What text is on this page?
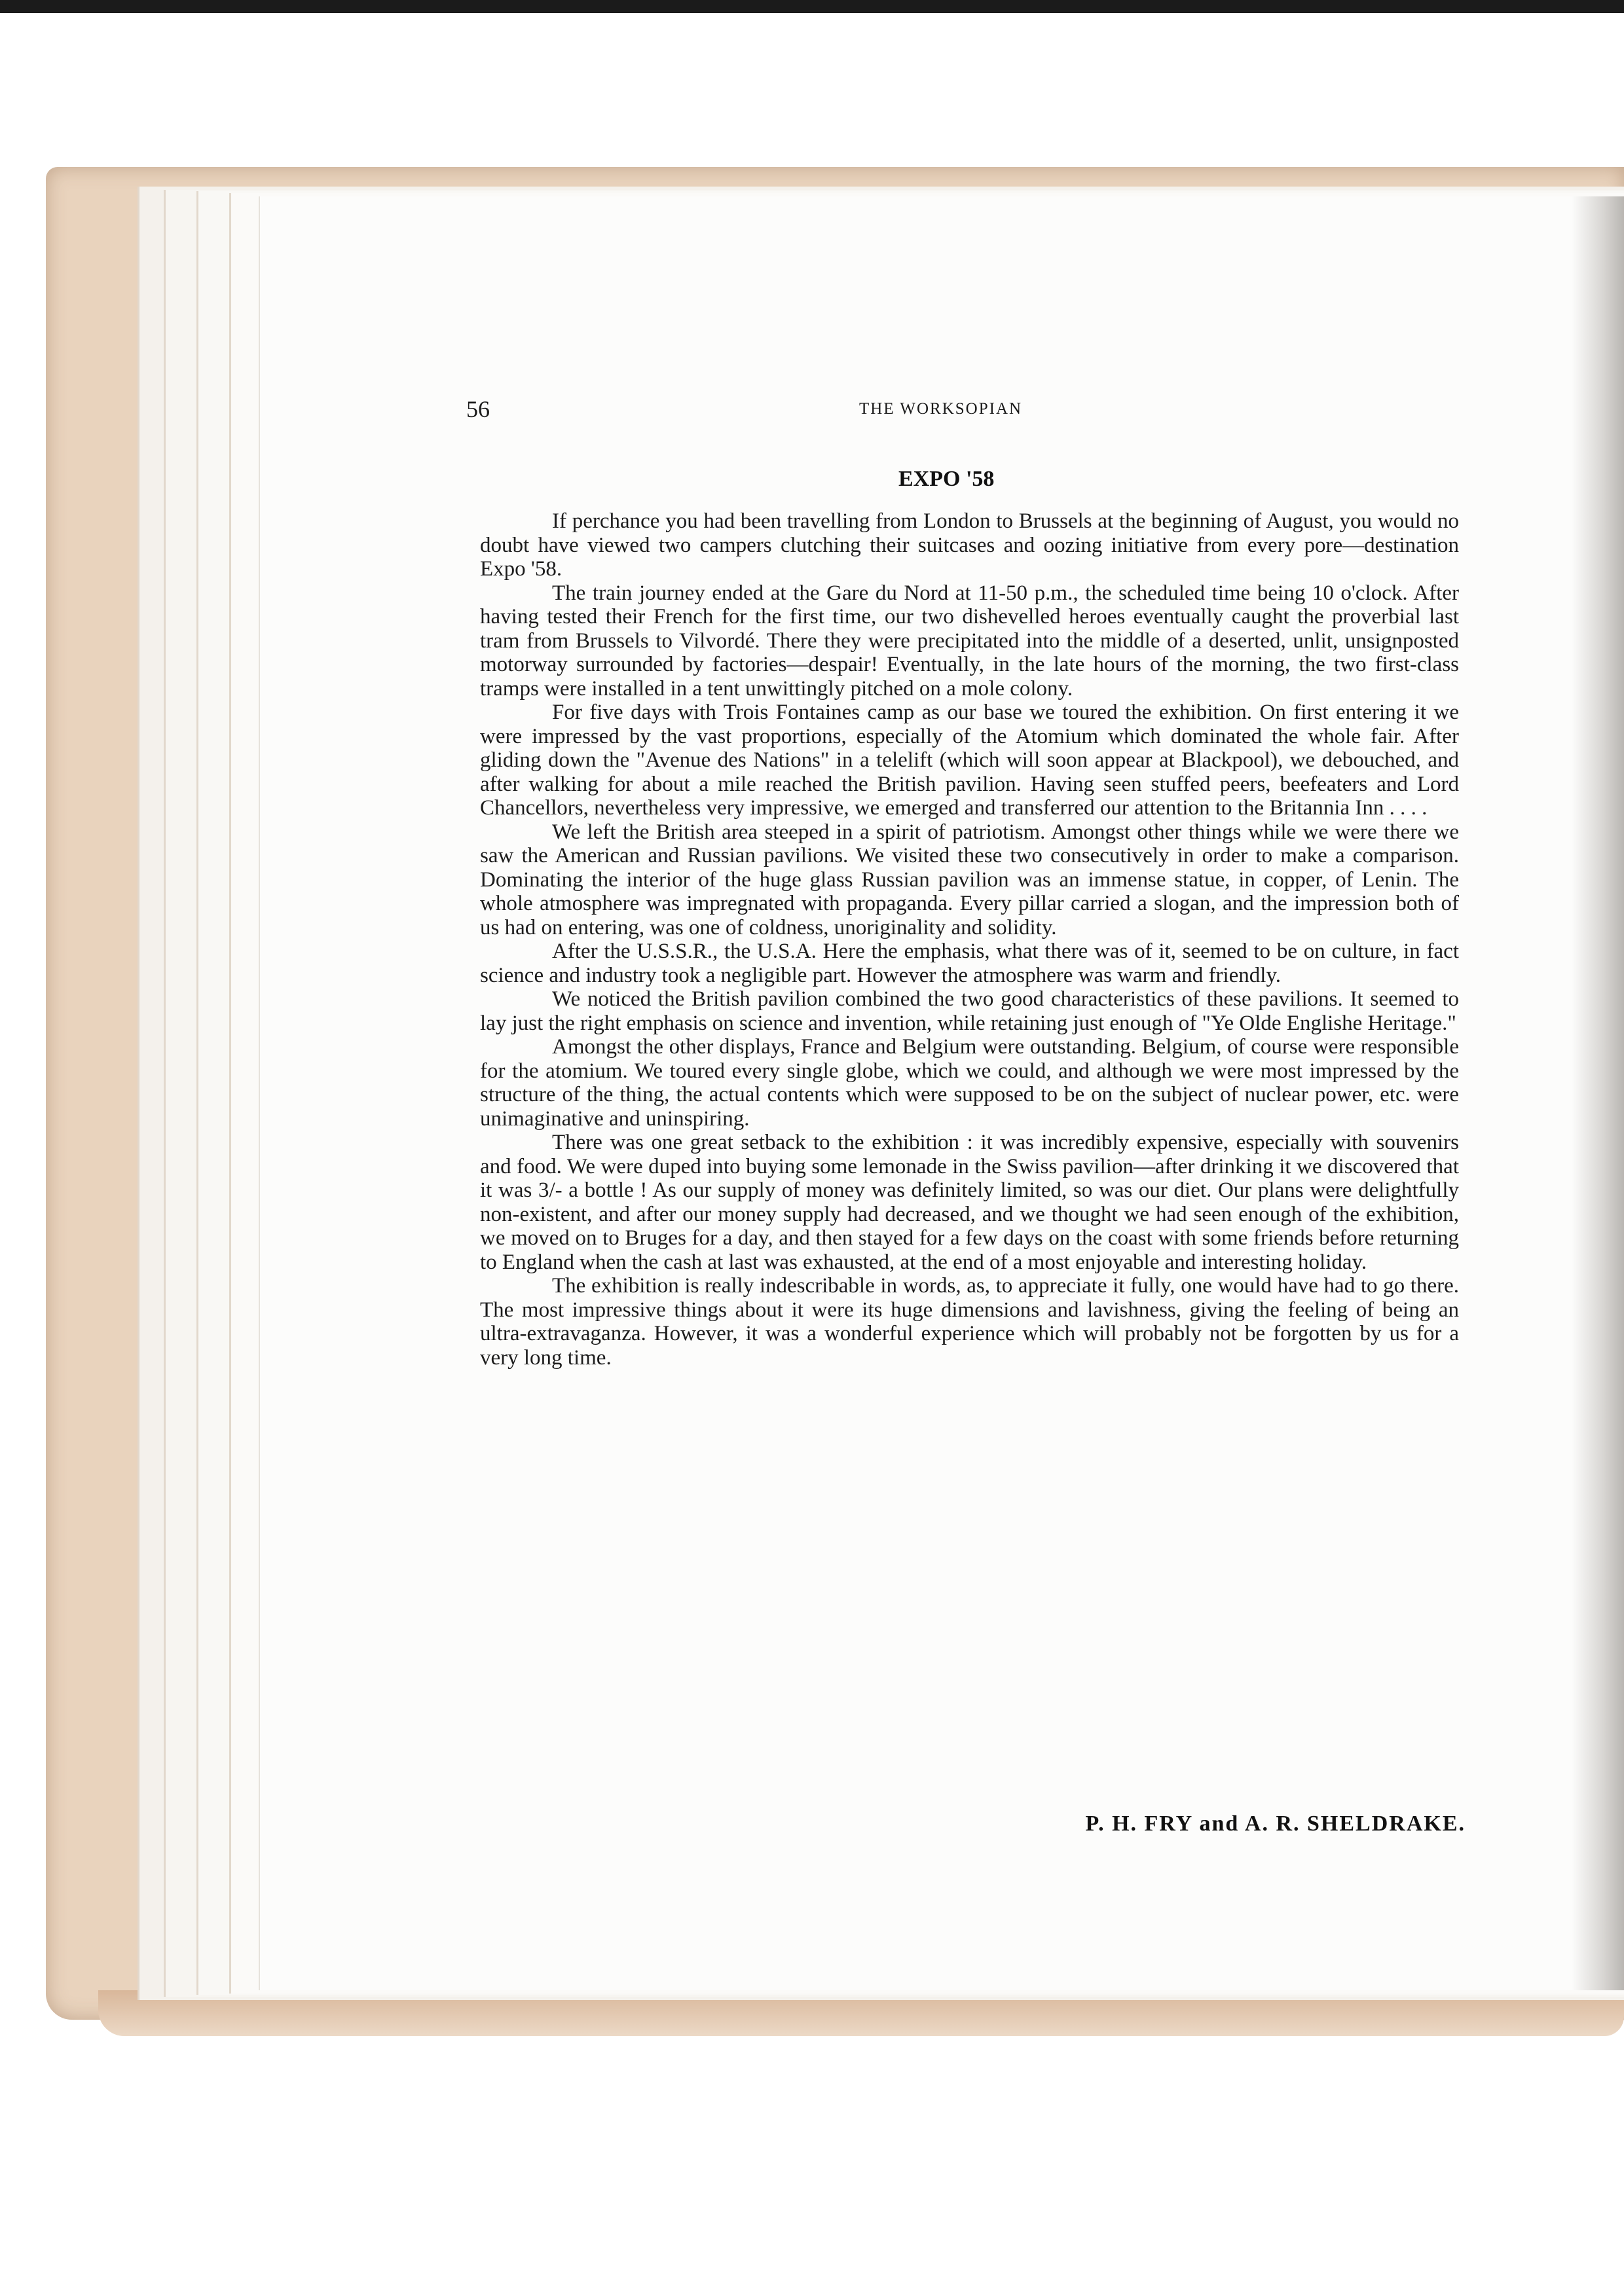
56	THE WORKSOPIAN
EXPO '58

If perchance you had been travelling from London to Brussels at the beginning of August, you would no doubt have viewed two campers clutching their suitcases and oozing initiative from every pore—destination Expo '58.

The train journey ended at the Gare du Nord at 11-50 p.m., the scheduled time being 10 o'clock. After having tested their French for the first time, our two dishevelled heroes eventually caught the proverbial last tram from Brussels to Vilvordé. There they were precipitated into the middle of a deserted, unlit, unsignposted motorway surrounded by factories—despair! Eventually, in the late hours of the morning, the two first-class tramps were installed in a tent unwittingly pitched on a mole colony.

For five days with Trois Fontaines camp as our base we toured the exhibition. On first entering it we were impressed by the vast proportions, especially of the Atomium which dominated the whole fair. After gliding down the "Avenue des Nations" in a telelift (which will soon appear at Blackpool), we debouched, and after walking for about a mile reached the British pavilion. Having seen stuffed peers, beefeaters and Lord Chancellors, nevertheless very impressive, we emerged and transferred our attention to the Britannia Inn . . . .

We left the British area steeped in a spirit of patriotism. Amongst other things while we were there we saw the American and Russian pavilions. We visited these two consecutively in order to make a comparison. Dominating the interior of the huge glass Russian pavilion was an immense statue, in copper, of Lenin. The whole atmosphere was impregnated with propaganda. Every pillar carried a slogan, and the impression both of us had on entering, was one of coldness, unoriginality and solidity.

After the U.S.S.R., the U.S.A. Here the emphasis, what there was of it, seemed to be on culture, in fact science and industry took a negligible part. However the atmosphere was warm and friendly.

We noticed the British pavilion combined the two good characteristics of these pavilions. It seemed to lay just the right emphasis on science and invention, while retaining just enough of "Ye Olde Englishe Heritage."

Amongst the other displays, France and Belgium were outstanding. Belgium, of course were responsible for the atomium. We toured every single globe, which we could, and although we were most impressed by the structure of the thing, the actual contents which were supposed to be on the subject of nuclear power, etc. were unimaginative and uninspiring.

There was one great setback to the exhibition : it was incredibly expensive, especially with souvenirs and food. We were duped into buying some lemonade in the Swiss pavilion—after drinking it we discovered that it was 3/- a bottle ! As our supply of money was definitely limited, so was our diet. Our plans were delightfully non-existent, and after our money supply had decreased, and we thought we had seen enough of the exhibition, we moved on to Bruges for a day, and then stayed for a few days on the coast with some friends before returning to England when the cash at last was exhausted, at the end of a most enjoyable and interesting holiday.

The exhibition is really indescribable in words, as, to appreciate it fully, one would have had to go there. The most impressive things about it were its huge dimensions and lavishness, giving the feeling of being an ultra-extravaganza. However, it was a wonderful experience which will probably not be forgotten by us for a very long time.

P. H. FRY and A. R. SHELDRAKE.
